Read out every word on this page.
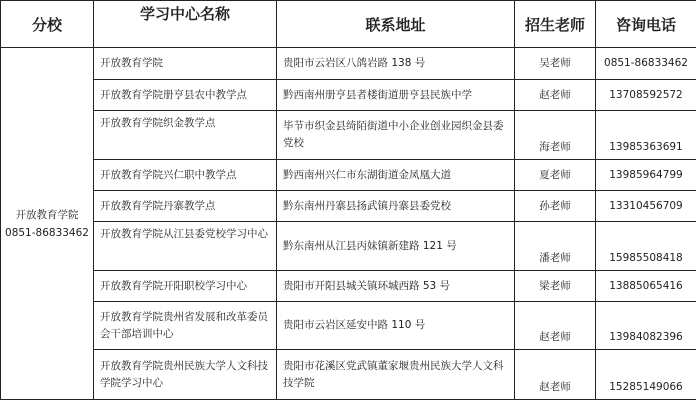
分校	学习中心名称	联系地址	招生老师	咨询电话

开放教育学院
0851-86833462	开放教育学院	贵阳市云岩区八鸽岩路 138 号	吴老师	0851-86833462
	开放教育学院册亨县农中教学点	黔西南州册亨县者楼街道册亨县民族中学	赵老师	13708592572
	开放教育学院织金教学点	毕节市织金县绮陌街道中小企业创业园织金县委党校	海老师	13985363691
	开放教育学院兴仁职中教学点	黔西南州兴仁市东湖街道金凤凰大道	夏老师	13985964799
	开放教育学院丹寨教学点	黔东南州丹寨县扬武镇丹寨县委党校	孙老师	13310456709
	开放教育学院从江县委党校学习中心	黔东南州从江县丙妹镇新建路 121 号	潘老师	15985508418
	开放教育学院开阳职校学习中心	贵阳市开阳县城关镇环城西路 53 号	梁老师	13885065416
	开放教育学院贵州省发展和改革委员会干部培训中心	贵阳市云岩区延安中路 110 号	赵老师	13984082396
	开放教育学院贵州民族大学人文科技学院学习中心	贵阳市花溪区党武镇董家堰贵州民族大学人文科技学院	赵老师	15285149066
